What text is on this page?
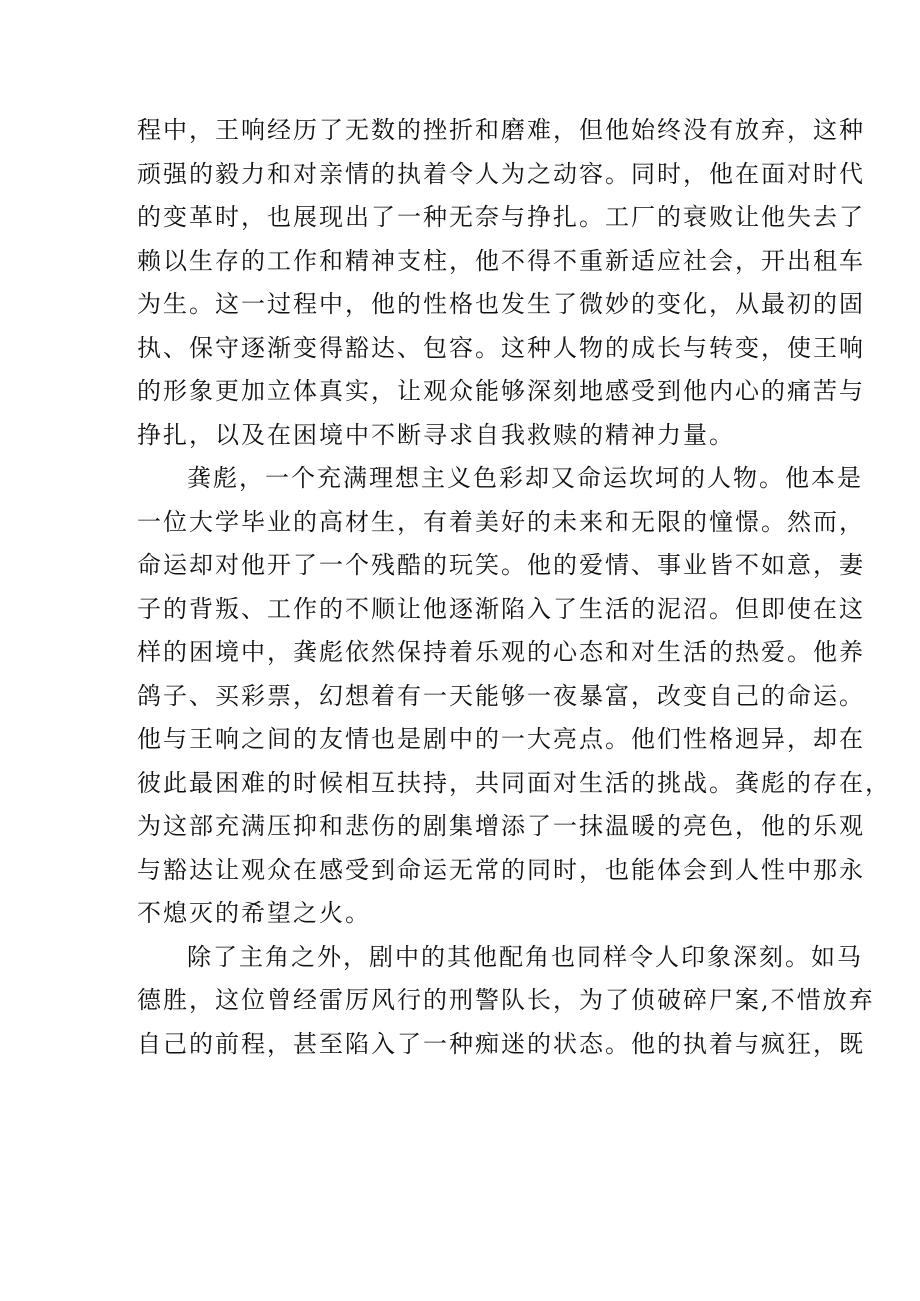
程中，王响经历了无数的挫折和磨难，但他始终没有放弃，这种
顽强的毅力和对亲情的执着令人为之动容。同时，他在面对时代
的变革时，也展现出了一种无奈与挣扎。工厂的衰败让他失去了
赖以生存的工作和精神支柱，他不得不重新适应社会，开出租车
为生。这一过程中，他的性格也发生了微妙的变化，从最初的固
执、保守逐渐变得豁达、包容。这种人物的成长与转变，使王响
的形象更加立体真实，让观众能够深刻地感受到他内心的痛苦与
挣扎，以及在困境中不断寻求自我救赎的精神力量。
龚彪，一个充满理想主义色彩却又命运坎坷的人物。他本是
一位大学毕业的高材生，有着美好的未来和无限的憧憬。然而，
命运却对他开了一个残酷的玩笑。他的爱情、事业皆不如意，妻
子的背叛、工作的不顺让他逐渐陷入了生活的泥沼。但即使在这
样的困境中，龚彪依然保持着乐观的心态和对生活的热爱。他养
鸽子、买彩票，幻想着有一天能够一夜暴富，改变自己的命运。
他与王响之间的友情也是剧中的一大亮点。他们性格迥异，却在
彼此最困难的时候相互扶持，共同面对生活的挑战。龚彪的存在，
为这部充满压抑和悲伤的剧集增添了一抹温暖的亮色，他的乐观
与豁达让观众在感受到命运无常的同时，也能体会到人性中那永
不熄灭的希望之火。
除了主角之外，剧中的其他配角也同样令人印象深刻。如马
德胜，这位曾经雷厉风行的刑警队长，为了侦破碎尸案,不惜放弃
自己的前程，甚至陷入了一种痴迷的状态。他的执着与疯狂，既
